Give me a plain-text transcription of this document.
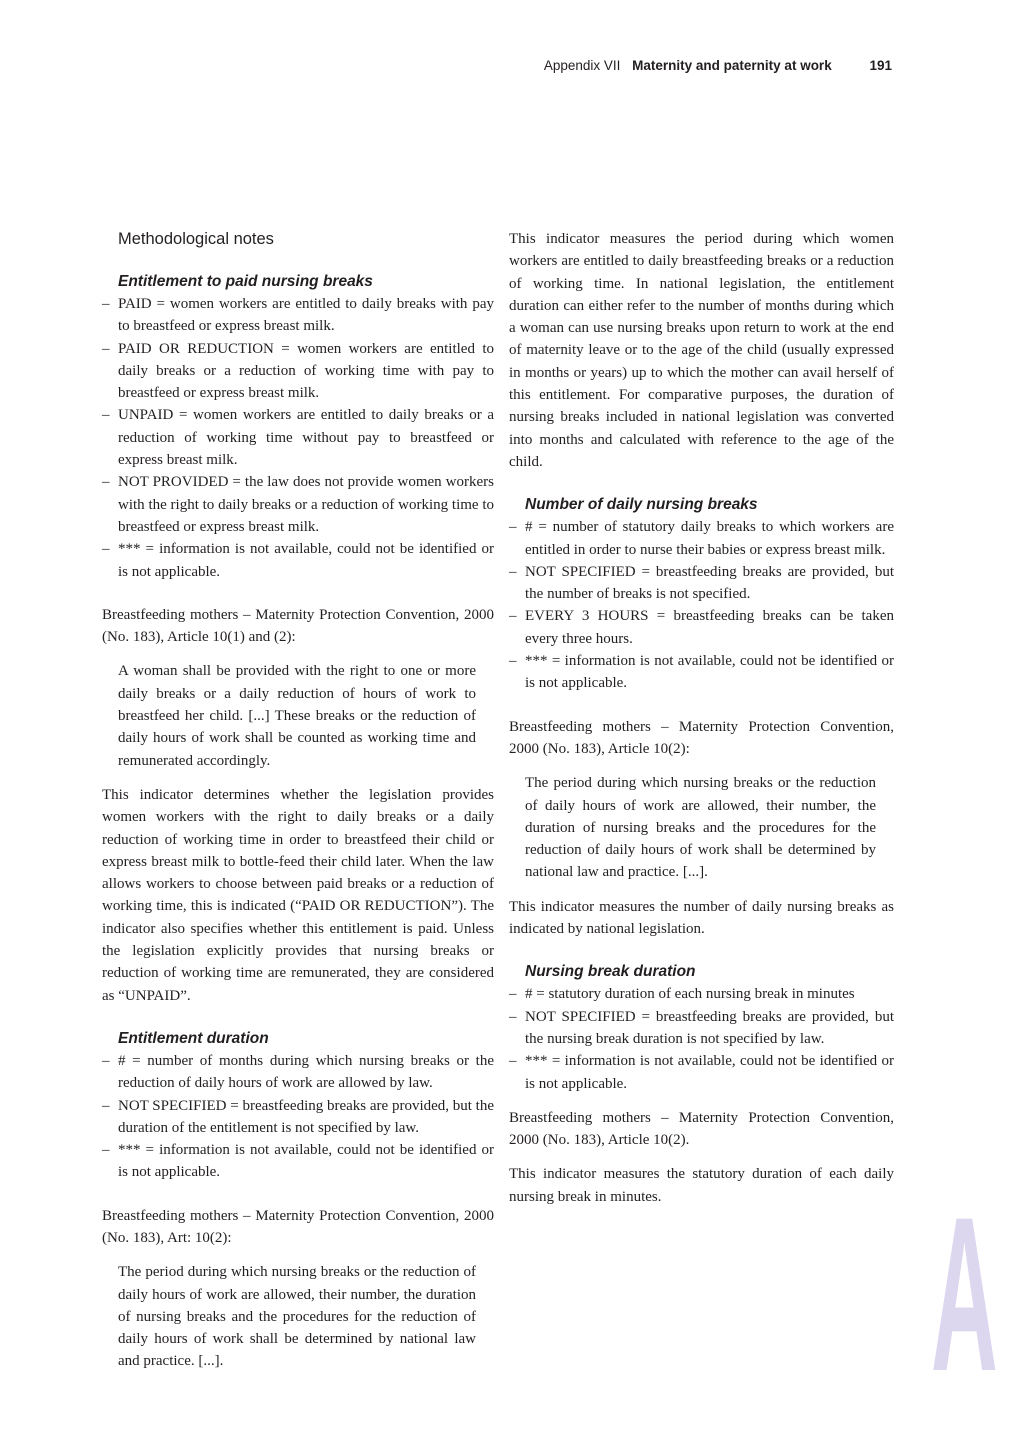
Appendix VII Maternity and paternity at work	191
Methodological notes
Entitlement to paid nursing breaks
– PAID = women workers are entitled to daily breaks with pay to breastfeed or express breast milk.
– PAID OR REDUCTION = women workers are entitled to daily breaks or a reduction of working time with pay to breastfeed or express breast milk.
– UNPAID = women workers are entitled to daily breaks or a reduction of working time without pay to breastfeed or express breast milk.
– NOT PROVIDED = the law does not provide women workers with the right to daily breaks or a reduction of working time to breastfeed or express breast milk.
– *** = information is not available, could not be identified or is not applicable.

Breastfeeding mothers – Maternity Protection Convention, 2000 (No. 183), Article 10(1) and (2):

A woman shall be provided with the right to one or more daily breaks or a daily reduction of hours of work to breastfeed her child. [...] These breaks or the reduction of daily hours of work shall be counted as working time and remunerated accordingly.

This indicator determines whether the legislation provides women workers with the right to daily breaks or a daily reduction of working time in order to breastfeed their child or express breast milk to bottle-feed their child later. When the law allows workers to choose between paid breaks or a reduction of working time, this is indicated (“PAID OR REDUCTION”). The indicator also specifies whether this entitlement is paid. Unless the legislation explicitly provides that nursing breaks or reduction of working time are remunerated, they are considered as “UNPAID”.

Entitlement duration
– # = number of months during which nursing breaks or the reduction of daily hours of work are allowed by law.
– NOT SPECIFIED = breastfeeding breaks are provided, but the duration of the entitlement is not specified by law.
– *** = information is not available, could not be identified or is not applicable.

Breastfeeding mothers – Maternity Protection Convention, 2000 (No. 183), Art: 10(2):

The period during which nursing breaks or the reduction of daily hours of work are allowed, their number, the duration of nursing breaks and the procedures for the reduction of daily hours of work shall be determined by national law and practice. [...].

This indicator measures the period during which women workers are entitled to daily breastfeeding breaks or a reduction of working time. In national legislation, the entitlement duration can either refer to the number of months during which a woman can use nursing breaks upon return to work at the end of maternity leave or to the age of the child (usually expressed in months or years) up to which the mother can avail herself of this entitlement. For comparative purposes, the duration of nursing breaks included in national legislation was converted into months and calculated with reference to the age of the child.

Number of daily nursing breaks
– # = number of statutory daily breaks to which workers are entitled in order to nurse their babies or express breast milk.
– NOT SPECIFIED = breastfeeding breaks are provided, but the number of breaks is not specified.
– EVERY 3 HOURS = breastfeeding breaks can be taken every three hours.
– *** = information is not available, could not be identified or is not applicable.

Breastfeeding mothers – Maternity Protection Convention, 2000 (No. 183), Article 10(2):

The period during which nursing breaks or the reduction of daily hours of work are allowed, their number, the duration of nursing breaks and the procedures for the reduction of daily hours of work shall be determined by national law and practice. [...].

This indicator measures the number of daily nursing breaks as indicated by national legislation.

Nursing break duration
– # = statutory duration of each nursing break in minutes
– NOT SPECIFIED = breastfeeding breaks are provided, but the nursing break duration is not specified by law.
– *** = information is not available, could not be identified or is not applicable.

Breastfeeding mothers – Maternity Protection Convention, 2000 (No. 183), Article 10(2).

This indicator measures the statutory duration of each daily nursing break in minutes.	A
